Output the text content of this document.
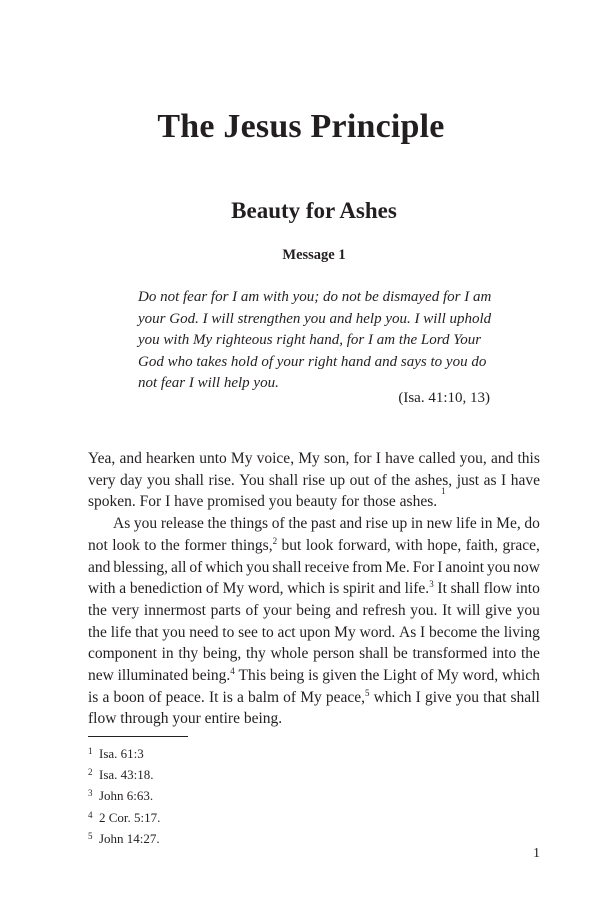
The Jesus Principle
Beauty for Ashes
Message 1
Do not fear for I am with you; do not be dismayed for I am
your God. I will strengthen you and help you. I will uphold
you with My righteous right hand, for I am the Lord Your
God who takes hold of your right hand and says to you do
not fear I will help you.
(Isa. 41:10, 13)
Yea, and hearken unto My voice, My son, for I have called you, and this
very day you shall rise. You shall rise up out of the ashes, just as I have
spoken. For I have promised you beauty for those ashes.
1
As you release the things of the past and rise up in new life in Me, do
not look to the former things,$^2$ but look forward, with hope, faith, grace,
and blessing, all of which you shall receive from Me. For I anoint you now
with a benediction of My word, which is spirit and life.$^3$ It shall flow into
the very innermost parts of your being and refresh you. It will give you
the life that you need to see to act upon My word. As I become the living
component in thy being, thy whole person shall be transformed into the
new illuminated being.$^4$ This being is given the Light of My word, which
is a boon of peace. It is a balm of My peace,$^5$ which I give you that shall
flow through your entire being.
1 Isa. 61:3
2 Isa. 43:18.
3 John 6:63.
4 2 Cor. 5:17.
5 John 14:27.
1
